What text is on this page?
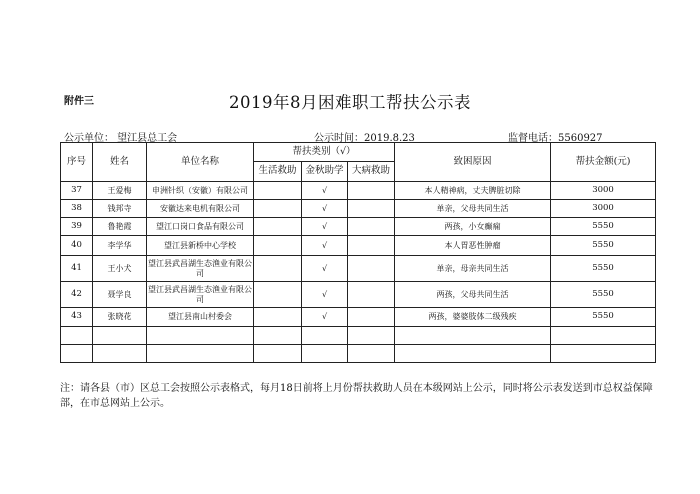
附件三	2019年8月困难职工帮扶公示表
公示单位： 望江县总工会	公示时间：2019.8.23	监督电话：5560927
序号	姓名	单位名称	帮扶类别（√）			致困原因	帮扶金额(元)
			生活救助	金秋助学	大病救助		
37	王爱梅	申洲针织（安徽）有限公司		√		本人精神病，丈夫脾脏切除	3000
38	钱邦寺	安徽达来电机有限公司		√		单亲，父母共同生活	3000
39	鲁艳霞	望江口岗口食品有限公司		√		两孩，小女癫痫	5550
40	李学华	望江县新桥中心学校		√		本人胃恶性肿瘤	5550
41	王小犬	望江县武昌湖生态渔业有限公司		√		单亲，母亲共同生活	5550
42	聂学良	望江县武昌湖生态渔业有限公司		√		两孩，父母共同生活	5550
43	张晓花	望江县南山村委会		√		两孩，婆婆肢体二级残疾	5550

注：请各县（市）区总工会按照公示表格式，每月18日前将上月份帮扶救助人员在本级网站上公示，同时将公示表发送到市总权益保障部，在市总网站上公示。
